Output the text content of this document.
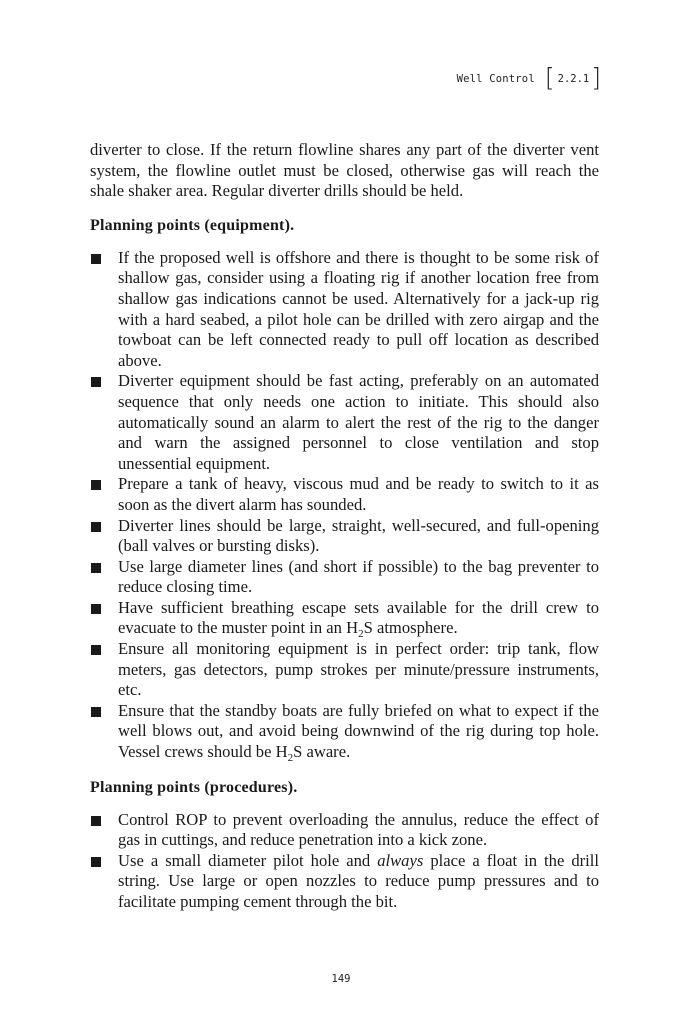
Well Control [ 2.2.1 ]

diverter to close. If the return flowline shares any part of the diverter vent system, the flowline outlet must be closed, otherwise gas will reach the shale shaker area. Regular diverter drills should be held.

Planning points (equipment).
If the proposed well is offshore and there is thought to be some risk of shallow gas, consider using a floating rig if another location free from shallow gas indications cannot be used. Alternatively for a jack-up rig with a hard seabed, a pilot hole can be drilled with zero airgap and the towboat can be left connected ready to pull off location as described above.
Diverter equipment should be fast acting, preferably on an automated sequence that only needs one action to initiate. This should also automatically sound an alarm to alert the rest of the rig to the danger and warn the assigned personnel to close ventilation and stop unessential equipment.
Prepare a tank of heavy, viscous mud and be ready to switch to it as soon as the divert alarm has sounded.
Diverter lines should be large, straight, well-secured, and full-opening (ball valves or bursting disks).
Use large diameter lines (and short if possible) to the bag preventer to reduce closing time.
Have sufficient breathing escape sets available for the drill crew to evacuate to the muster point in an $H_2S$ atmosphere.
Ensure all monitoring equipment is in perfect order: trip tank, flow meters, gas detectors, pump strokes per minute/pressure instruments, etc.
Ensure that the standby boats are fully briefed on what to expect if the well blows out, and avoid being downwind of the rig during top hole. Vessel crews should be $H_2S$ aware.
Planning points (procedures).
Control ROP to prevent overloading the annulus, reduce the effect of gas in cuttings, and reduce penetration into a kick zone.
Use a small diameter pilot hole and always place a float in the drill string. Use large or open nozzles to reduce pump pressures and to facilitate pumping cement through the bit.
149
